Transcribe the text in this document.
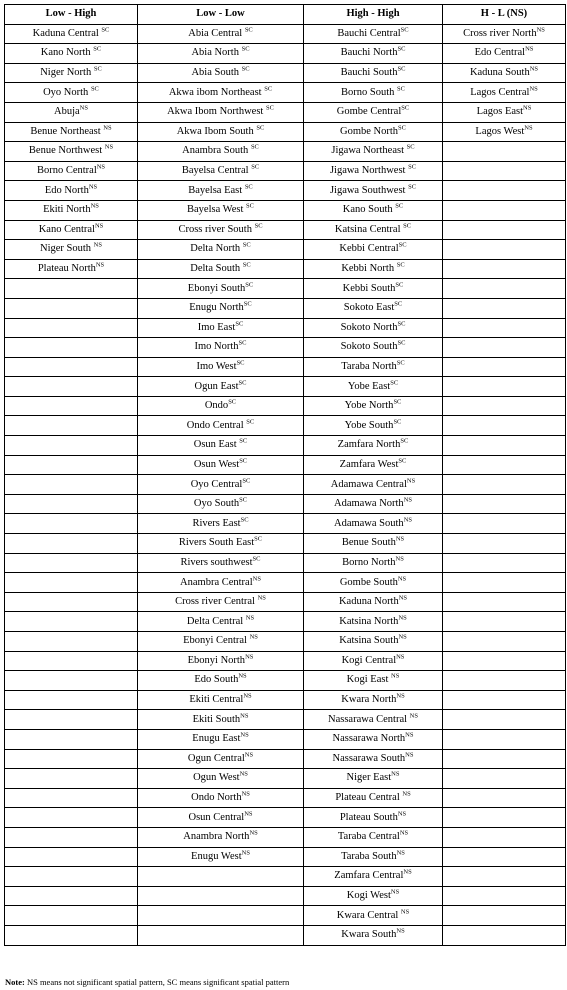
Low - High	Low - Low	High - High	H - L (NS)
Kaduna Central $^{SC}$	Abia Central $^{SC}$	Bauchi Central$^{SC}$	Cross river North$^{NS}$
Kano North $^{SC}$	Abia North $^{SC}$	Bauchi North$^{SC}$	Edo Central$^{NS}$
Niger North $^{SC}$	Abia South $^{SC}$	Bauchi South$^{SC}$	Kaduna South$^{NS}$
Oyo North $^{SC}$	Akwa ibom Northeast $^{SC}$	Borno South $^{SC}$	Lagos Central$^{NS}$
Abuja$^{NS}$	Akwa Ibom Northwest $^{SC}$	Gombe Central$^{SC}$	Lagos East$^{NS}$
Benue Northeast $^{NS}$	Akwa Ibom South $^{SC}$	Gombe North$^{SC}$	Lagos West$^{NS}$
Benue Northwest $^{NS}$	Anambra South $^{SC}$	Jigawa Northeast $^{SC}$	
Borno Central$^{NS}$	Bayelsa Central $^{SC}$	Jigawa Northwest $^{SC}$	
Edo North$^{NS}$	Bayelsa East $^{SC}$	Jigawa Southwest $^{SC}$	
Ekiti North$^{NS}$	Bayelsa West $^{SC}$	Kano South $^{SC}$	
Kano Central$^{NS}$	Cross river South $^{SC}$	Katsina Central $^{SC}$	
Niger South $^{NS}$	Delta North $^{SC}$	Kebbi Central$^{SC}$	
Plateau North$^{NS}$	Delta South $^{SC}$	Kebbi North $^{SC}$	
	Ebonyi South$^{SC}$	Kebbi South$^{SC}$	
	Enugu North$^{SC}$	Sokoto East$^{SC}$	
	Imo East$^{SC}$	Sokoto North$^{SC}$	
	Imo North$^{SC}$	Sokoto South$^{SC}$	
	Imo West$^{SC}$	Taraba North$^{SC}$	
	Ogun East$^{SC}$	Yobe East$^{SC}$	
	Ondo$^{SC}$	Yobe North$^{SC}$	
	Ondo Central $^{SC}$	Yobe South$^{SC}$	
	Osun East $^{SC}$	Zamfara North$^{SC}$	
	Osun West$^{SC}$	Zamfara West$^{SC}$	
	Oyo Central$^{SC}$	Adamawa Central$^{NS}$	
	Oyo South$^{SC}$	Adamawa North$^{NS}$	
	Rivers East$^{SC}$	Adamawa South$^{NS}$	
	Rivers South East$^{SC}$	Benue South$^{NS}$	
	Rivers southwest$^{SC}$	Borno North$^{NS}$	
	Anambra Central$^{NS}$	Gombe South$^{NS}$	
	Cross river Central $^{NS}$	Kaduna North$^{NS}$	
	Delta Central $^{NS}$	Katsina North$^{NS}$	
	Ebonyi Central $^{NS}$	Katsina South$^{NS}$	
	Ebonyi North$^{NS}$	Kogi Central$^{NS}$	
	Edo South$^{NS}$	Kogi East $^{NS}$	
	Ekiti Central$^{NS}$	Kwara North$^{NS}$	
	Ekiti South$^{NS}$	Nassarawa Central $^{NS}$	
	Enugu East$^{NS}$	Nassarawa North$^{NS}$	
	Ogun Central$^{NS}$	Nassarawa South$^{NS}$	
	Ogun West$^{NS}$	Niger East$^{NS}$	
	Ondo North$^{NS}$	Plateau Central $^{NS}$	
	Osun Central$^{NS}$	Plateau South$^{NS}$	
	Anambra North$^{NS}$	Taraba Central$^{NS}$	
	Enugu West$^{NS}$	Taraba South$^{NS}$	
		Zamfara Central$^{NS}$	
		Kogi West$^{NS}$	
		Kwara Central $^{NS}$	
		Kwara South$^{NS}$	
Note: NS means not significant spatial pattern, SC means significant spatial pattern
